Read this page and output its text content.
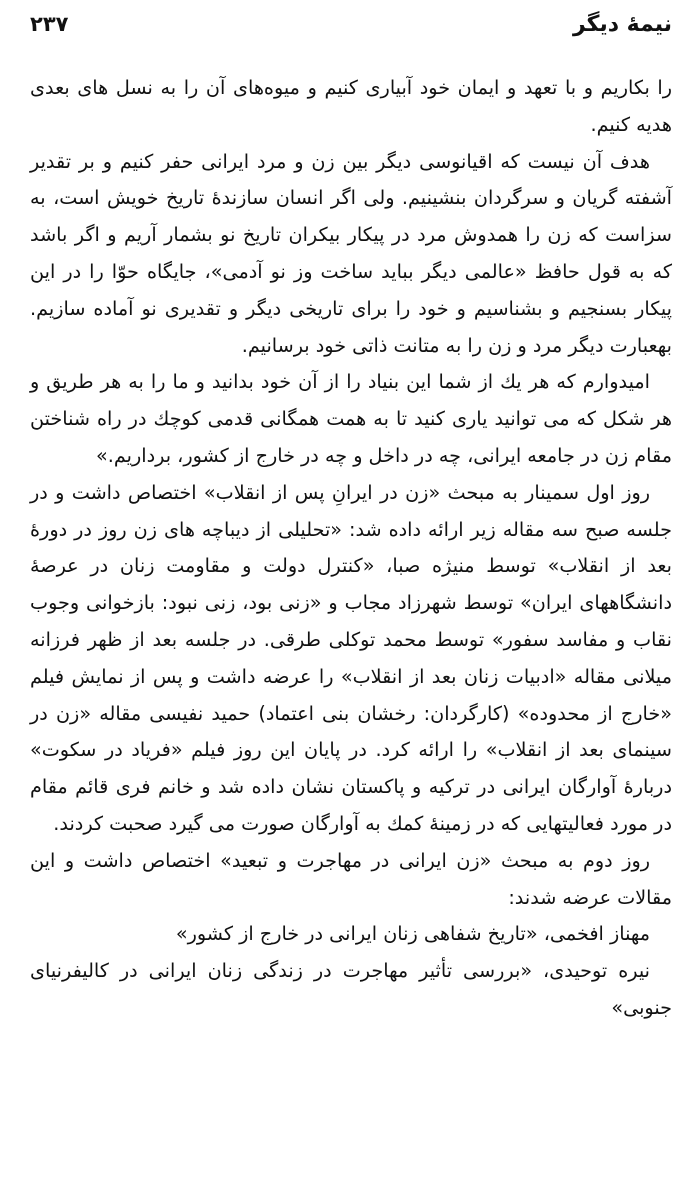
نیمهٔ دیگر
۲۳۷

را بکاریم و با تعهد و ایمان خود آبیاری کنیم و میوه‌های آن را به نسل های بعدی هدیه کنیم.

هدف آن نیست که اقیانوسی دیگر بین زن و مرد ایرانی حفر کنیم و بر تقدیر آشفته گریان و سرگردان بنشینیم. ولی اگر انسان سازندهٔ تاریخ خویش است، به سزاست که زن را همدوش مرد در پیکار بیکران تاریخ نو بشمار آریم و اگر باشد که به قول حافظ «عالمی دیگر بباید ساخت وز نو آدمی»، جایگاه حوّا را در این پیکار بسنجیم و بشناسیم و خود را برای تاریخی دیگر و تقدیری نو آماده سازیم. بهعبارت دیگر مرد و زن را به متانت ذاتی خود برسانیم.

امیدوارم که هر یك از شما این بنیاد را از آن خود بدانید و ما را به هر طریق و هر شکل که می توانید یاری کنید تا به همت همگانی قدمی کوچك در راه شناختن مقام زن در جامعه ایرانی، چه در داخل و چه در خارج از کشور، برداریم.»

روز اول سمینار به مبحث «زن در ایرانِ پس از انقلاب» اختصاص داشت و در جلسه صبح سه مقاله زیر ارائه داده شد: «تحلیلی از دیباچه های زن روز در دورهٔ بعد از انقلاب» توسط منیژه صبا، «کنترل دولت و مقاومت زنان در عرصهٔ دانشگاههای ایران» توسط شهرزاد مجاب و «زنی بود، زنی نبود: بازخوانی وجوب نقاب و مفاسد سفور» توسط محمد توکلی طرقی. در جلسه بعد از ظهر فرزانه میلانی مقاله «ادبیات زنان بعد از انقلاب» را عرضه داشت و پس از نمایش فیلم «خارج از محدوده» (کارگردان: رخشان بنی اعتماد) حمید نفیسی مقاله «زن در سینمای بعد از انقلاب» را ارائه کرد. در پایان این روز فیلم «فریاد در سکوت» دربارهٔ آوارگان ایرانی در ترکیه و پاکستان نشان داده شد و خانم فری قائم مقام در مورد فعالیتهایی که در زمینهٔ کمك به آوارگان صورت می گیرد صحبت کردند.

روز دوم به مبحث «زن ایرانی در مهاجرت و تبعید» اختصاص داشت و این مقالات عرضه شدند:

مهناز افخمی، «تاریخ شفاهی زنان ایرانی در خارج از کشور»

نیره توحیدی، «بررسی تأثیر مهاجرت در زندگی زنان ایرانی در کالیفرنیای جنوبی»
